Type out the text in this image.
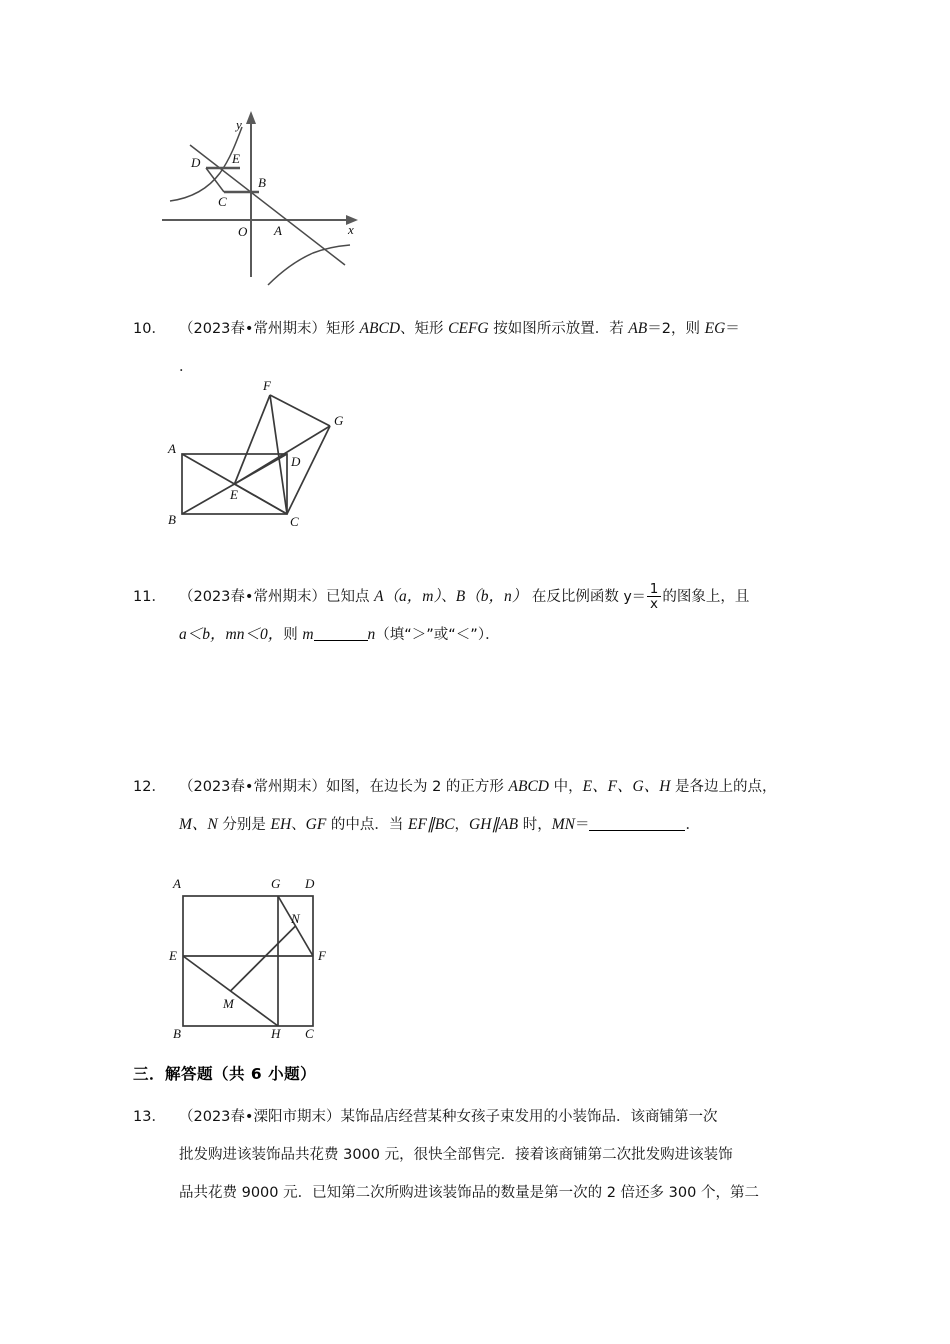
D E
B
C
A
O	x
y
10． （2023春•常州期末）矩形 ABCD、矩形 CEFG 按如图所示放置．若 AB＝2，则 EG＝
．
F
G
A
D
E
B	C
11． （2023春•常州期末）已知点 A（a，m）、B（b，n） 在反比例函数 $y= \frac{1}{x}$ 的图象上，且
a＜b，mn＜0，则 m	n（填“＞”或“＜”）．
12． （2023春•常州期末）如图，在边长为 2 的正方形 ABCD 中，E、F、G、H 是各边上的点，
M、N 分别是 EH、GF 的中点．当 EF∥BC，GH∥AB 时，MN＝	．
A	G D
N
E	F
M
B	H C
三．解答题（共 6 小题）
13． （2023春•溧阳市期末）某饰品店经营某种女孩子束发用的小装饰品．该商铺第一次
批发购进该装饰品共花费 3000 元，很快全部售完．接着该商铺第二次批发购进该装饰
品共花费 9000 元．已知第二次所购进该装饰品的数量是第一次的 2 倍还多 300 个，第二
